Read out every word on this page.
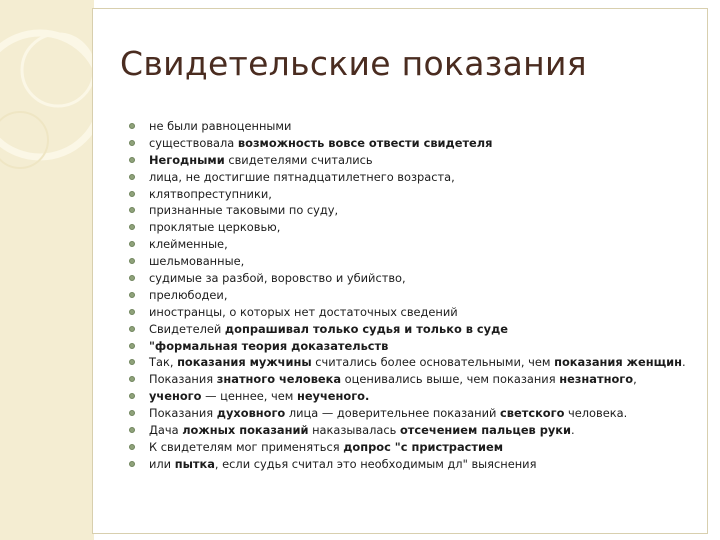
Свидетельские показания
не были равноценными
существовала возможность вовсе отвести свидетеля
Негодными свидетелями считались
лица, не достигшие пятнадцатилетнего возраста,
клятвопреступники,
признанные таковыми по суду,
проклятые церковью,
клейменные,
шельмованные,
судимые за разбой, воровство и убийство,
прелюбодеи,
иностранцы, о которых нет достаточных сведений
Свидетелей допрашивал только судья и только в суде
"формальная теория доказательств
Так, показания мужчины считались более основательными, чем показания женщин.
Показания знатного человека оценивались выше, чем показания незнатного,
ученого — ценнее, чем неученого.
Показания духовного лица — доверительнее показаний светского человека.
Дача ложных показаний наказывалась отсечением пальцев руки.
К свидетелям мог применяться допрос "с пристрастием
или пытка, если судья считал это необходимым дл" выяснения
